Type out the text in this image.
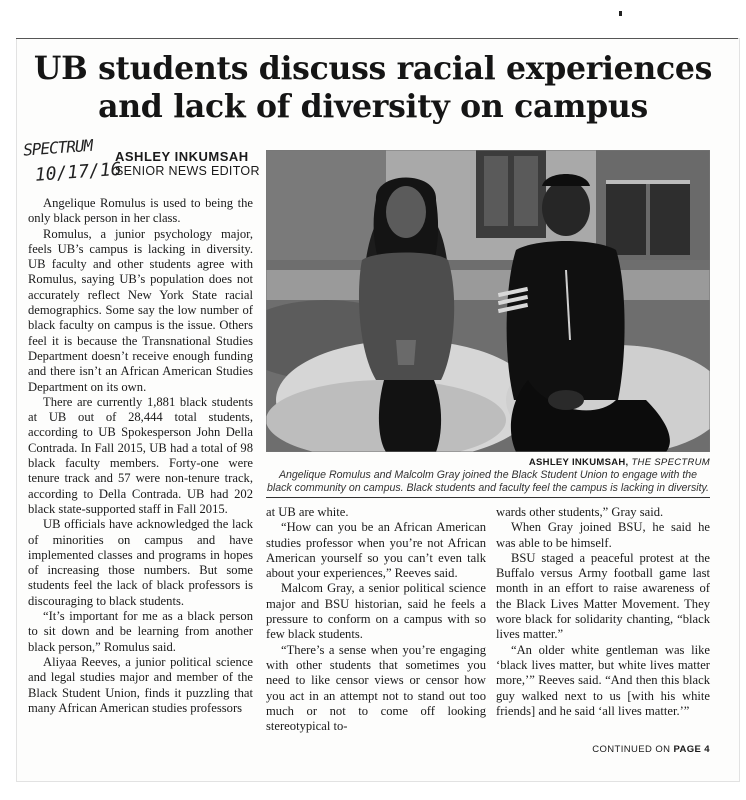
UB students discuss racial experiences
and lack of diversity on campus
SPECTRUM
10/17/16
ASHLEY INKUMSAH
SENIOR NEWS EDITOR

Angelique Romulus is used to being the only black person in her class.

Romulus, a junior psychology major, feels UB’s campus is lacking in diversity. UB faculty and other students agree with Romulus, saying UB’s population does not accurately reflect New York State racial demographics. Some say the low number of black faculty on campus is the issue. Others feel it is because the Transnational Studies Department doesn’t receive enough funding and there isn’t an African American Studies Department on its own.

There are currently 1,881 black students at UB out of 28,444 total students, according to UB Spokesperson John Della Contrada. In Fall 2015, UB had a total of 98 black faculty members. Forty-one were tenure track and 57 were non-tenure track, according to Della Contrada. UB had 202 black state-supported staff in Fall 2015.

UB officials have acknowledged the lack of minorities on campus and have implemented classes and programs in hopes of increasing those numbers. But some students feel the lack of black professors is discouraging to black students.

“It’s important for me as a black person to sit down and be learning from another black person,” Romulus said.

Aliyaa Reeves, a junior political science and legal studies major and member of the Black Student Union, finds it puzzling that many African American studies professors

ASHLEY INKUMSAH, THE SPECTRUM
Angelique Romulus and Malcolm Gray joined the Black Student Union to engage with the black community on campus. Black students and faculty feel the campus is lacking in diversity.

at UB are white.

“How can you be an African American studies professor when you’re not African American yourself so you can’t even talk about your experiences,” Reeves said.

Malcom Gray, a senior political science major and BSU historian, said he feels a pressure to conform on a campus with so few black students.

“There’s a sense when you’re engaging with other students that sometimes you need to like censor views or censor how you act in an attempt not to stand out too much or not to come off looking stereotypical to-

wards other students,” Gray said.

When Gray joined BSU, he said he was able to be himself.

BSU staged a peaceful protest at the Buffalo versus Army football game last month in an effort to raise awareness of the Black Lives Matter Movement. They wore black for solidarity chanting, “black lives matter.”

“An older white gentleman was like ‘black lives matter, but white lives matter more,’” Reeves said. “And then this black guy walked next to us [with his white friends] and he said ‘all lives matter.’”

CONTINUED ON PAGE 4
